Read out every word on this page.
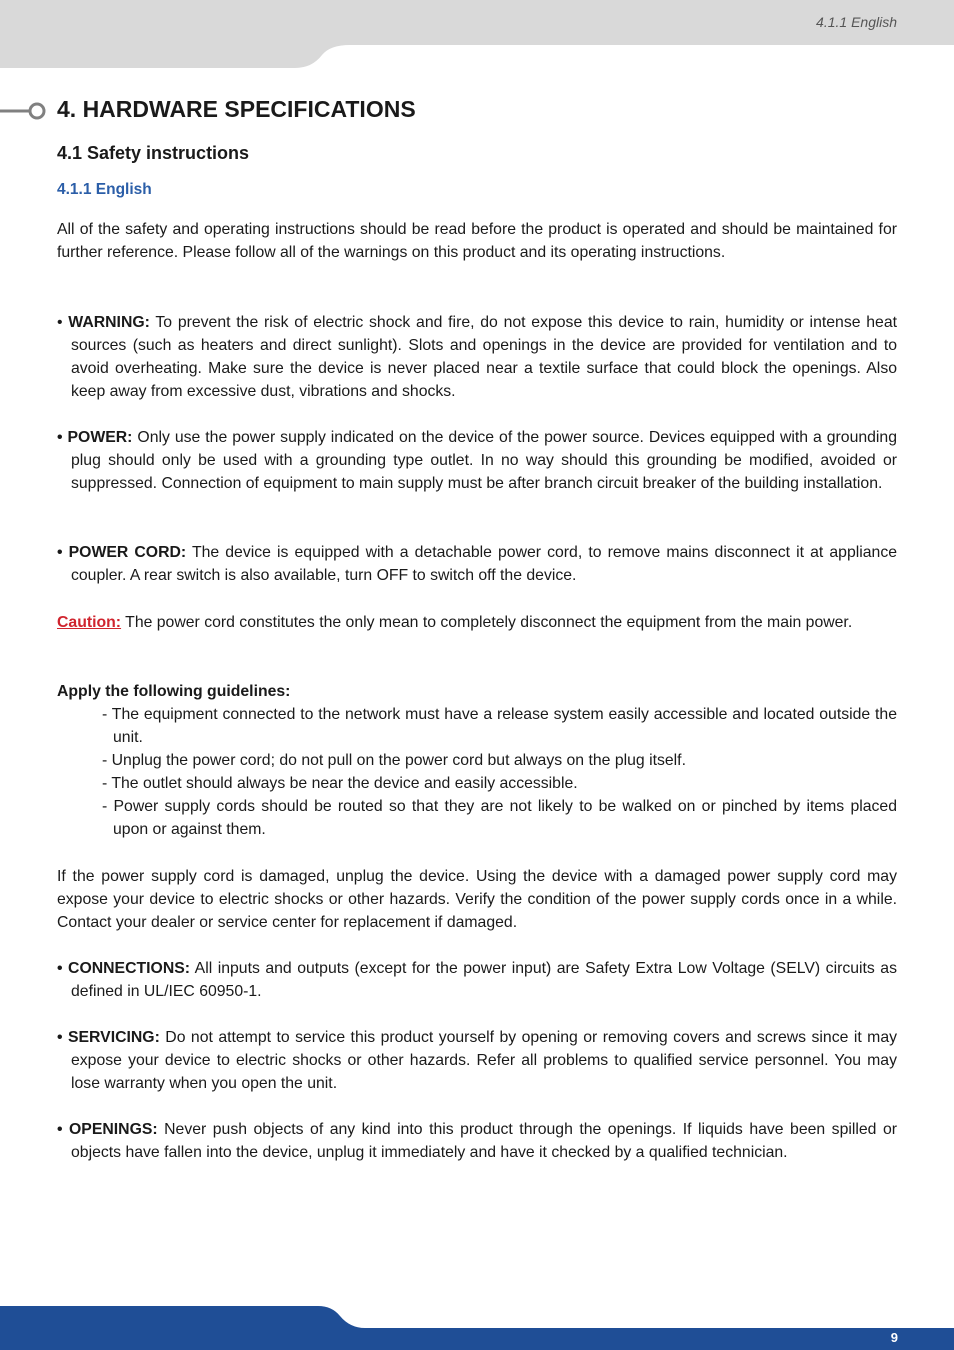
4.1.1 English
4. HARDWARE SPECIFICATIONS
4.1 Safety instructions
4.1.1 English
All of the safety and operating instructions should be read before the product is operated and should be maintained for further reference. Please follow all of the warnings on this product and its operating instructions.
• WARNING: To prevent the risk of electric shock and fire, do not expose this device to rain, humidity or intense heat sources (such as heaters and direct sunlight). Slots and openings in the device are provided for ventilation and to avoid overheating. Make sure the device is never placed near a textile surface that could block the openings. Also keep away from excessive dust, vibrations and shocks.
• POWER: Only use the power supply indicated on the device of the power source. Devices equipped with a grounding plug should only be used with a grounding type outlet. In no way should this grounding be modified, avoided or suppressed. Connection of equipment to main supply must be after branch circuit breaker of the building installation.
• POWER CORD: The device is equipped with a detachable power cord, to remove mains disconnect it at appliance coupler. A rear switch is also available, turn OFF to switch off the device.
Caution: The power cord constitutes the only mean to completely disconnect the equipment from the main power.
Apply the following guidelines:
- The equipment connected to the network must have a release system easily accessible and located outside the unit.
- Unplug the power cord; do not pull on the power cord but always on the plug itself.
- The outlet should always be near the device and easily accessible.
- Power supply cords should be routed so that they are not likely to be walked on or pinched by items placed upon or against them.
If the power supply cord is damaged, unplug the device. Using the device with a damaged power supply cord may expose your device to electric shocks or other hazards. Verify the condition of the power supply cords once in a while. Contact your dealer or service center for replacement if damaged.
• CONNECTIONS: All inputs and outputs (except for the power input) are Safety Extra Low Voltage (SELV) circuits as defined in UL/IEC 60950-1.
• SERVICING: Do not attempt to service this product yourself by opening or removing covers and screws since it may expose your device to electric shocks or other hazards. Refer all problems to qualified service personnel. You may lose warranty when you open the unit.
• OPENINGS: Never push objects of any kind into this product through the openings. If liquids have been spilled or objects have fallen into the device, unplug it immediately and have it checked by a qualified technician.
9
